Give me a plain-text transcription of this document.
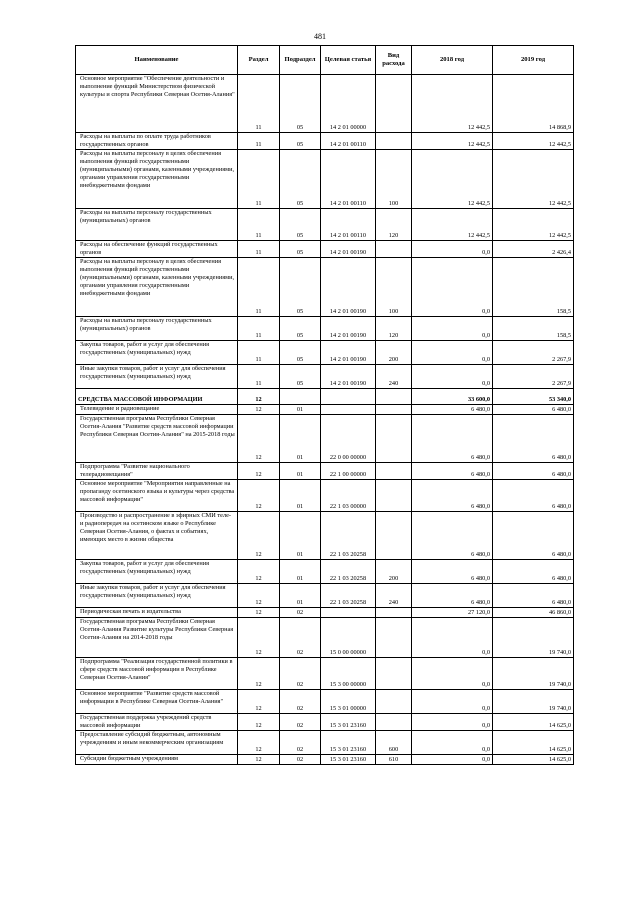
481
Наименование	Раздел	Подраздел	Целевая статья	Вид расхода	2018 год	2019 год
Основное мероприятие "Обеспечение деятельности и выполнение функций Министерством физической культуры и спорта Республики Северная Осетия-Алания"	11	05	14 2 01 00000		12 442,5	14 868,9
Расходы на выплаты по оплате труда работников государственных органов	11	05	14 2 01 00110		12 442,5	12 442,5
Расходы на выплаты персоналу в целях обеспечения выполнения функций государственными (муниципальными) органами, казенными учреждениями, органами управления государственными внебюджетными фондами	11	05	14 2 01 00110	100	12 442,5	12 442,5
Расходы на выплаты персоналу государственных (муниципальных) органов	11	05	14 2 01 00110	120	12 442,5	12 442,5
Расходы на обеспечение функций государственных органов	11	05	14 2 01 00190		0,0	2 426,4
Расходы на выплаты персоналу в целях обеспечения выполнения функций государственными (муниципальными) органами, казенными учреждениями, органами управления государственными внебюджетными фондами	11	05	14 2 01 00190	100	0,0	158,5
Расходы на выплаты персоналу государственных (муниципальных) органов	11	05	14 2 01 00190	120	0,0	158,5
Закупка товаров, работ и услуг для обеспечения государственных (муниципальных) нужд	11	05	14 2 01 00190	200	0,0	2 267,9
Иные закупки товаров, работ и услуг для обеспечения государственных (муниципальных) нужд	11	05	14 2 01 00190	240	0,0	2 267,9
СРЕДСТВА МАССОВОЙ ИНФОРМАЦИИ	12				33 600,0	53 340,0
Телевидение и радиовещание	12	01			6 480,0	6 480,0
Государственная программа Республики Северная Осетия-Алания "Развитие средств массовой информации Республики Северная Осетия-Алания" на 2015-2018 годы	12	01	22 0 00 00000		6 480,0	6 480,0
Подпрограмма "Развитие национального телерадиовещания"	12	01	22 1 00 00000		6 480,0	6 480,0
Основное мероприятие "Мероприятия направленные на пропаганду осетинского языка и культуры через средства массовой информации"	12	01	22 1 03 00000		6 480,0	6 480,0
Производство и распространение в эфирных СМИ теле- и радиопередач на осетинском языке о Республике Северная Осетия-Алания, о фактах и событиях, имеющих место в жизни общества	12	01	22 1 03 20258		6 480,0	6 480,0
Закупка товаров, работ и услуг для обеспечения государственных (муниципальных) нужд	12	01	22 1 03 20258	200	6 480,0	6 480,0
Иные закупки товаров, работ и услуг для обеспечения государственных (муниципальных) нужд	12	01	22 1 03 20258	240	6 480,0	6 480,0
Периодическая печать и издательства	12	02			27 120,0	46 860,0
Государственная программа Республики Северная Осетия-Алания Развитие культуры Республики Северная Осетия-Алания на 2014-2018 годы	12	02	15 0 00 00000		0,0	19 740,0
Подпрограмма "Реализация государственной политики в сфере средств массовой информации в Республике Северная Осетия-Алания"	12	02	15 3 00 00000		0,0	19 740,0
Основное мероприятие "Развитие средств массовой информации в Республике Северная Осетия-Алания"	12	02	15 3 01 00000		0,0	19 740,0
Государственная поддержка учреждений средств массовой информации	12	02	15 3 01 23160		0,0	14 625,0
Предоставление субсидий бюджетным, автономным учреждениям и иным некоммерческим организациям	12	02	15 3 01 23160	600	0,0	14 625,0
Субсидии бюджетным учреждениям	12	02	15 3 01 23160	610	0,0	14 625,0
